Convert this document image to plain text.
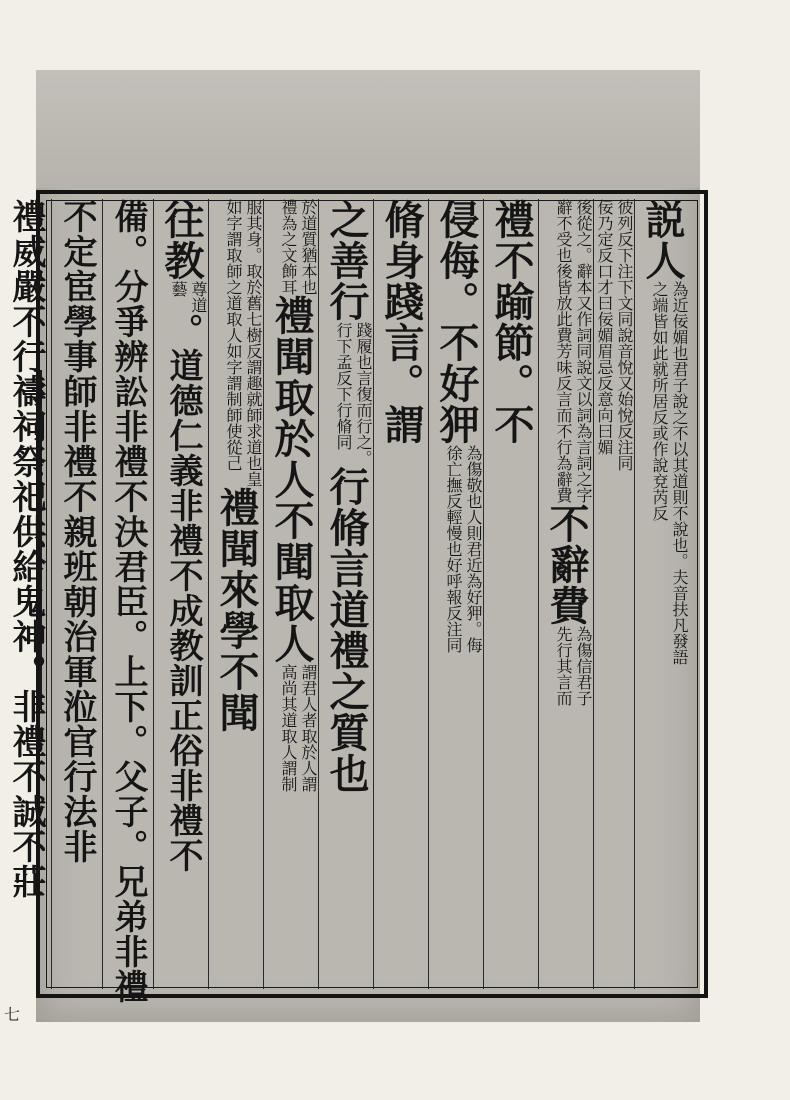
説人
為近佞媚也君子說之不以其道則不說也。夫音扶凡發語
之端皆如此就所居反或作說兗芮反
彼列反下注下文同說音悅又始悅反注同
佞乃定反口才曰佞媚眉忌反意向曰媚
後從之。辭本又作詞同說文以詞為言詞之字
辭不受也後皆放此費芳味反言而不行為辭費
不辭費
為傷信君子
先行其言而
禮不踰節。不
侵侮。不好狎
為傷敬也人則君近為好狎。侮
徐亡撫反輕慢也好呼報反注同
脩身踐言。謂
之善行
踐履也言復而行之。
行下孟反下行脩同
行脩言道禮之質也
於道質猶本也
禮為之文飾耳
禮聞取於人不聞取人
謂君人者取於人謂
高尚其道取人謂制
服其身。取於舊七樹反謂趣就師求道也皇
如字謂取師之道取人如字謂制師使從己
禮聞來學不聞
往教
尊道
藝
。道德仁義非禮不成教訓正俗非禮不
備。分爭辨訟非禮不決君臣。上下。父子。兄弟非禮
不定宦學事師非禮不親班朝治軍涖官行法非
禮威嚴不行禱祠祭祀供給鬼神。非禮不誠不莊
七
